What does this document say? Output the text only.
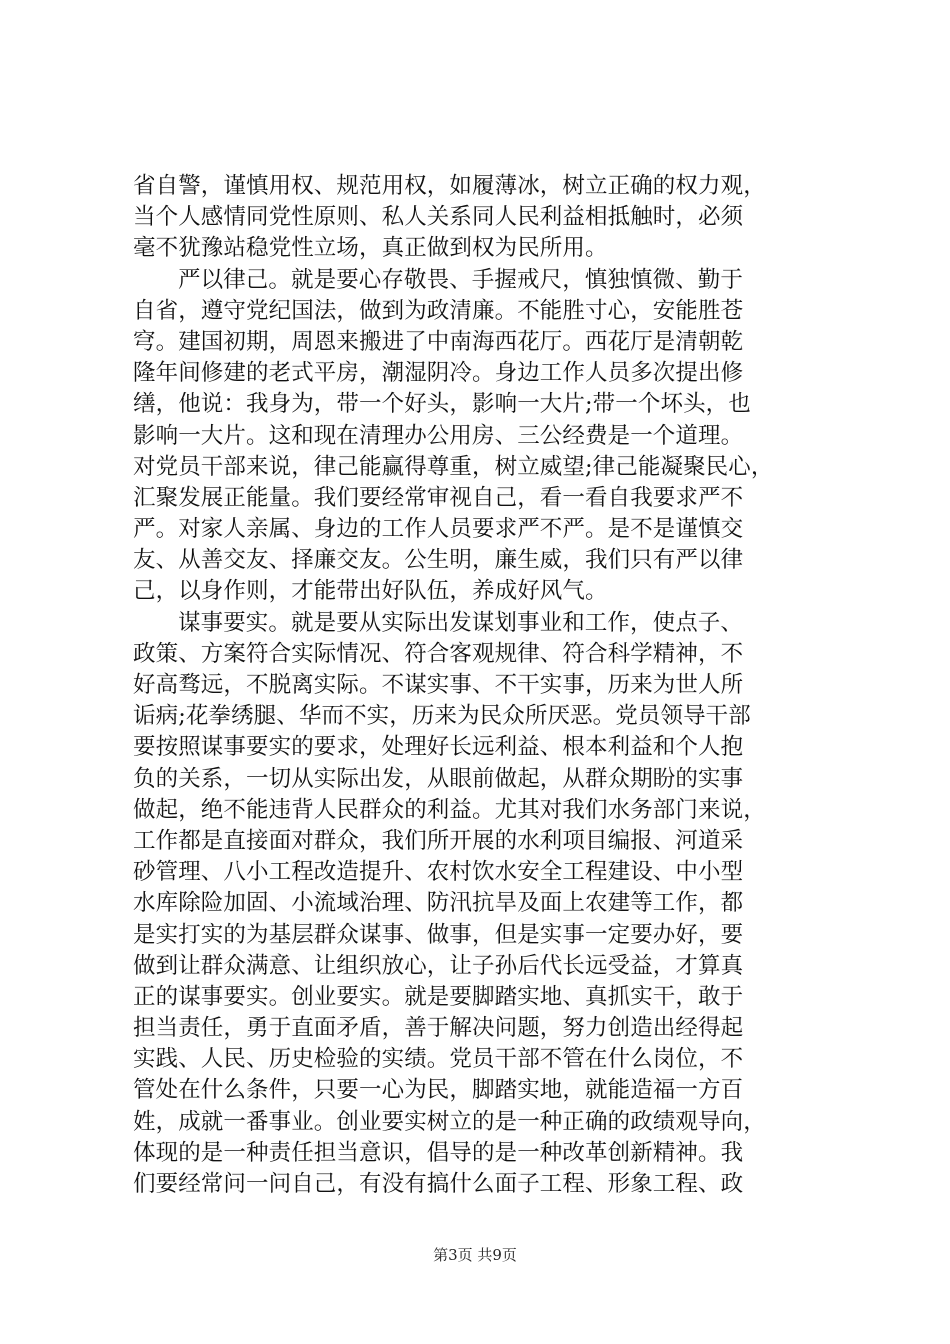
省自警，谨慎用权、规范用权，如履薄冰，树立正确的权力观，
当个人感情同党性原则、私人关系同人民利益相抵触时，必须
毫不犹豫站稳党性立场，真正做到权为民所用。
严以律己。就是要心存敬畏、手握戒尺，慎独慎微、勤于
自省，遵守党纪国法，做到为政清廉。不能胜寸心，安能胜苍
穹。建国初期，周恩来搬进了中南海西花厅。西花厅是清朝乾
隆年间修建的老式平房，潮湿阴冷。身边工作人员多次提出修
缮，他说：我身为，带一个好头，影响一大片;带一个坏头，也
影响一大片。这和现在清理办公用房、三公经费是一个道理。
对党员干部来说，律己能赢得尊重，树立威望;律己能凝聚民心，
汇聚发展正能量。我们要经常审视自己，看一看自我要求严不
严。对家人亲属、身边的工作人员要求严不严。是不是谨慎交
友、从善交友、择廉交友。公生明，廉生威，我们只有严以律
己，以身作则，才能带出好队伍，养成好风气。
谋事要实。就是要从实际出发谋划事业和工作，使点子、
政策、方案符合实际情况、符合客观规律、符合科学精神，不
好高骛远，不脱离实际。不谋实事、不干实事，历来为世人所
诟病;花拳绣腿、华而不实，历来为民众所厌恶。党员领导干部
要按照谋事要实的要求，处理好长远利益、根本利益和个人抱
负的关系，一切从实际出发，从眼前做起，从群众期盼的实事
做起，绝不能违背人民群众的利益。尤其对我们水务部门来说，
工作都是直接面对群众，我们所开展的水利项目编报、河道采
砂管理、八小工程改造提升、农村饮水安全工程建设、中小型
水库除险加固、小流域治理、防汛抗旱及面上农建等工作，都
是实打实的为基层群众谋事、做事，但是实事一定要办好，要
做到让群众满意、让组织放心，让子孙后代长远受益，才算真
正的谋事要实。创业要实。就是要脚踏实地、真抓实干，敢于
担当责任，勇于直面矛盾，善于解决问题，努力创造出经得起
实践、人民、历史检验的实绩。党员干部不管在什么岗位，不
管处在什么条件，只要一心为民，脚踏实地，就能造福一方百
姓，成就一番事业。创业要实树立的是一种正确的政绩观导向，
体现的是一种责任担当意识，倡导的是一种改革创新精神。我
们要经常问一问自己，有没有搞什么面子工程、形象工程、政
第3页 共9页
